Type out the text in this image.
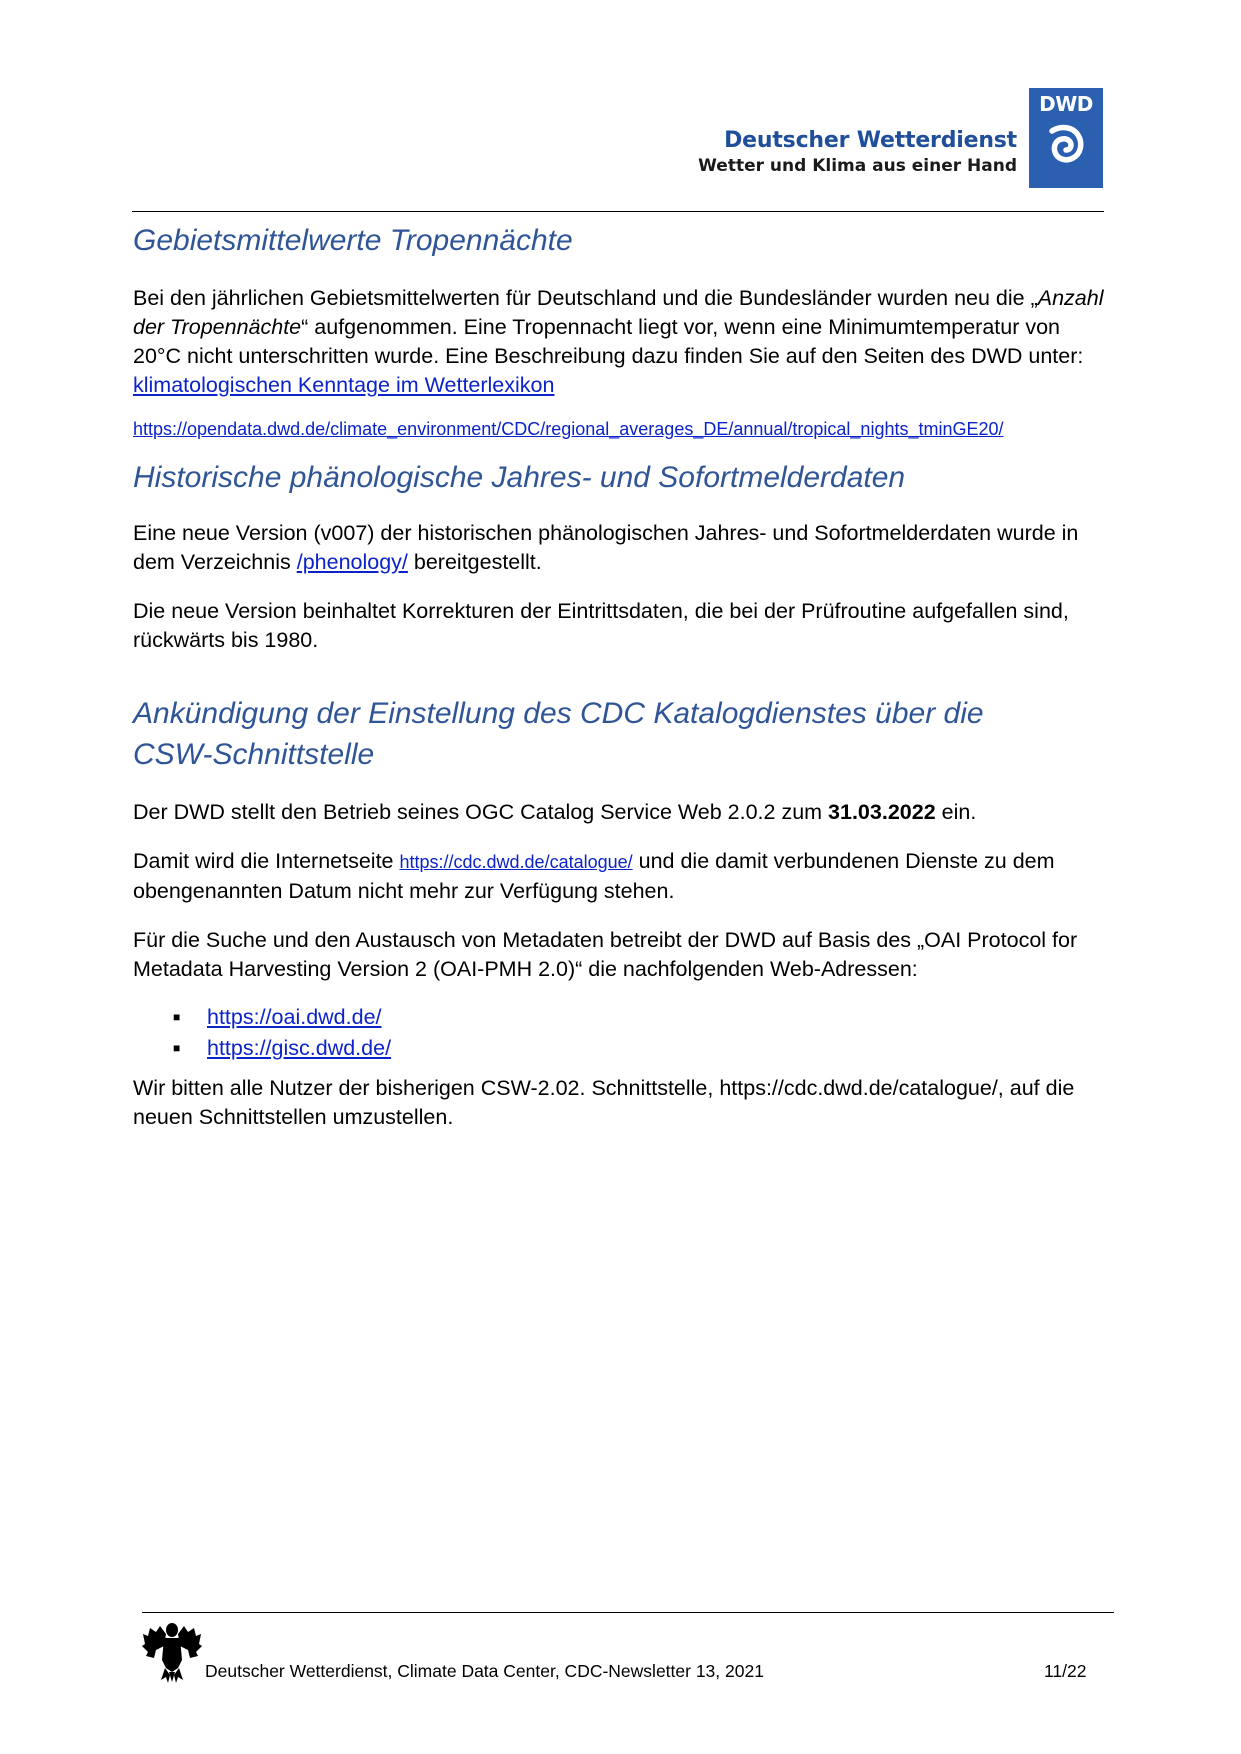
Deutscher Wetterdienst
Wetter und Klima aus einer Hand
DWD
Gebietsmittelwerte Tropennächte

Bei den jährlichen Gebietsmittelwerten für Deutschland und die Bundesländer wurden neu die „Anzahl der Tropennächte“ aufgenommen. Eine Tropennacht liegt vor, wenn eine Minimumtemperatur von 20°C nicht unterschritten wurde. Eine Beschreibung dazu finden Sie auf den Seiten des DWD unter: klimatologischen Kenntage im Wetterlexikon

https://opendata.dwd.de/climate_environment/CDC/regional_averages_DE/annual/tropical_nights_tminGE20/
Historische phänologische Jahres- und Sofortmelderdaten

Eine neue Version (v007) der historischen phänologischen Jahres- und Sofortmelderdaten wurde in dem Verzeichnis /phenology/ bereitgestellt.

Die neue Version beinhaltet Korrekturen der Eintrittsdaten, die bei der Prüfroutine aufgefallen sind, rückwärts bis 1980.

Ankündigung der Einstellung des CDC Katalogdienstes über die
CSW-Schnittstelle

Der DWD stellt den Betrieb seines OGC Catalog Service Web 2.0.2 zum 31.03.2022 ein.

Damit wird die Internetseite https://cdc.dwd.de/catalogue/ und die damit verbundenen Dienste zu dem obengenannten Datum nicht mehr zur Verfügung stehen.

Für die Suche und den Austausch von Metadaten betreibt der DWD auf Basis des „OAI Protocol for Metadata Harvesting Version 2 (OAI-PMH 2.0)“ die nachfolgenden Web-Adressen:

■ https://oai.dwd.de/
■ https://gisc.dwd.de/

Wir bitten alle Nutzer der bisherigen CSW-2.02. Schnittstelle, https://cdc.dwd.de/catalogue/, auf die neuen Schnittstellen umzustellen.

Deutscher Wetterdienst, Climate Data Center, CDC-Newsletter 13, 2021	11/22
